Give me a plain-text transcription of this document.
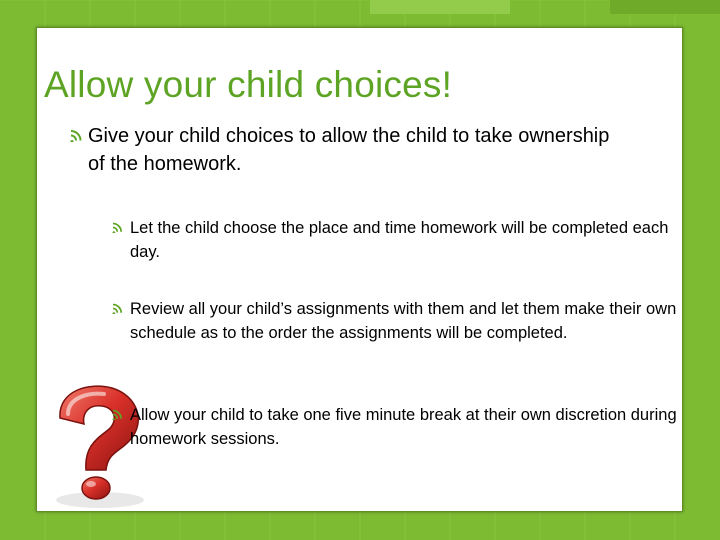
Allow your child choices!
Give your child choices to allow the child to take ownership of the homework.
Let the child choose the place and time homework will be completed each day.
Review all your child’s assignments with them and let them make their own schedule as to the order the assignments will be completed.
Allow your child to take one five minute break at their own discretion during homework sessions.
